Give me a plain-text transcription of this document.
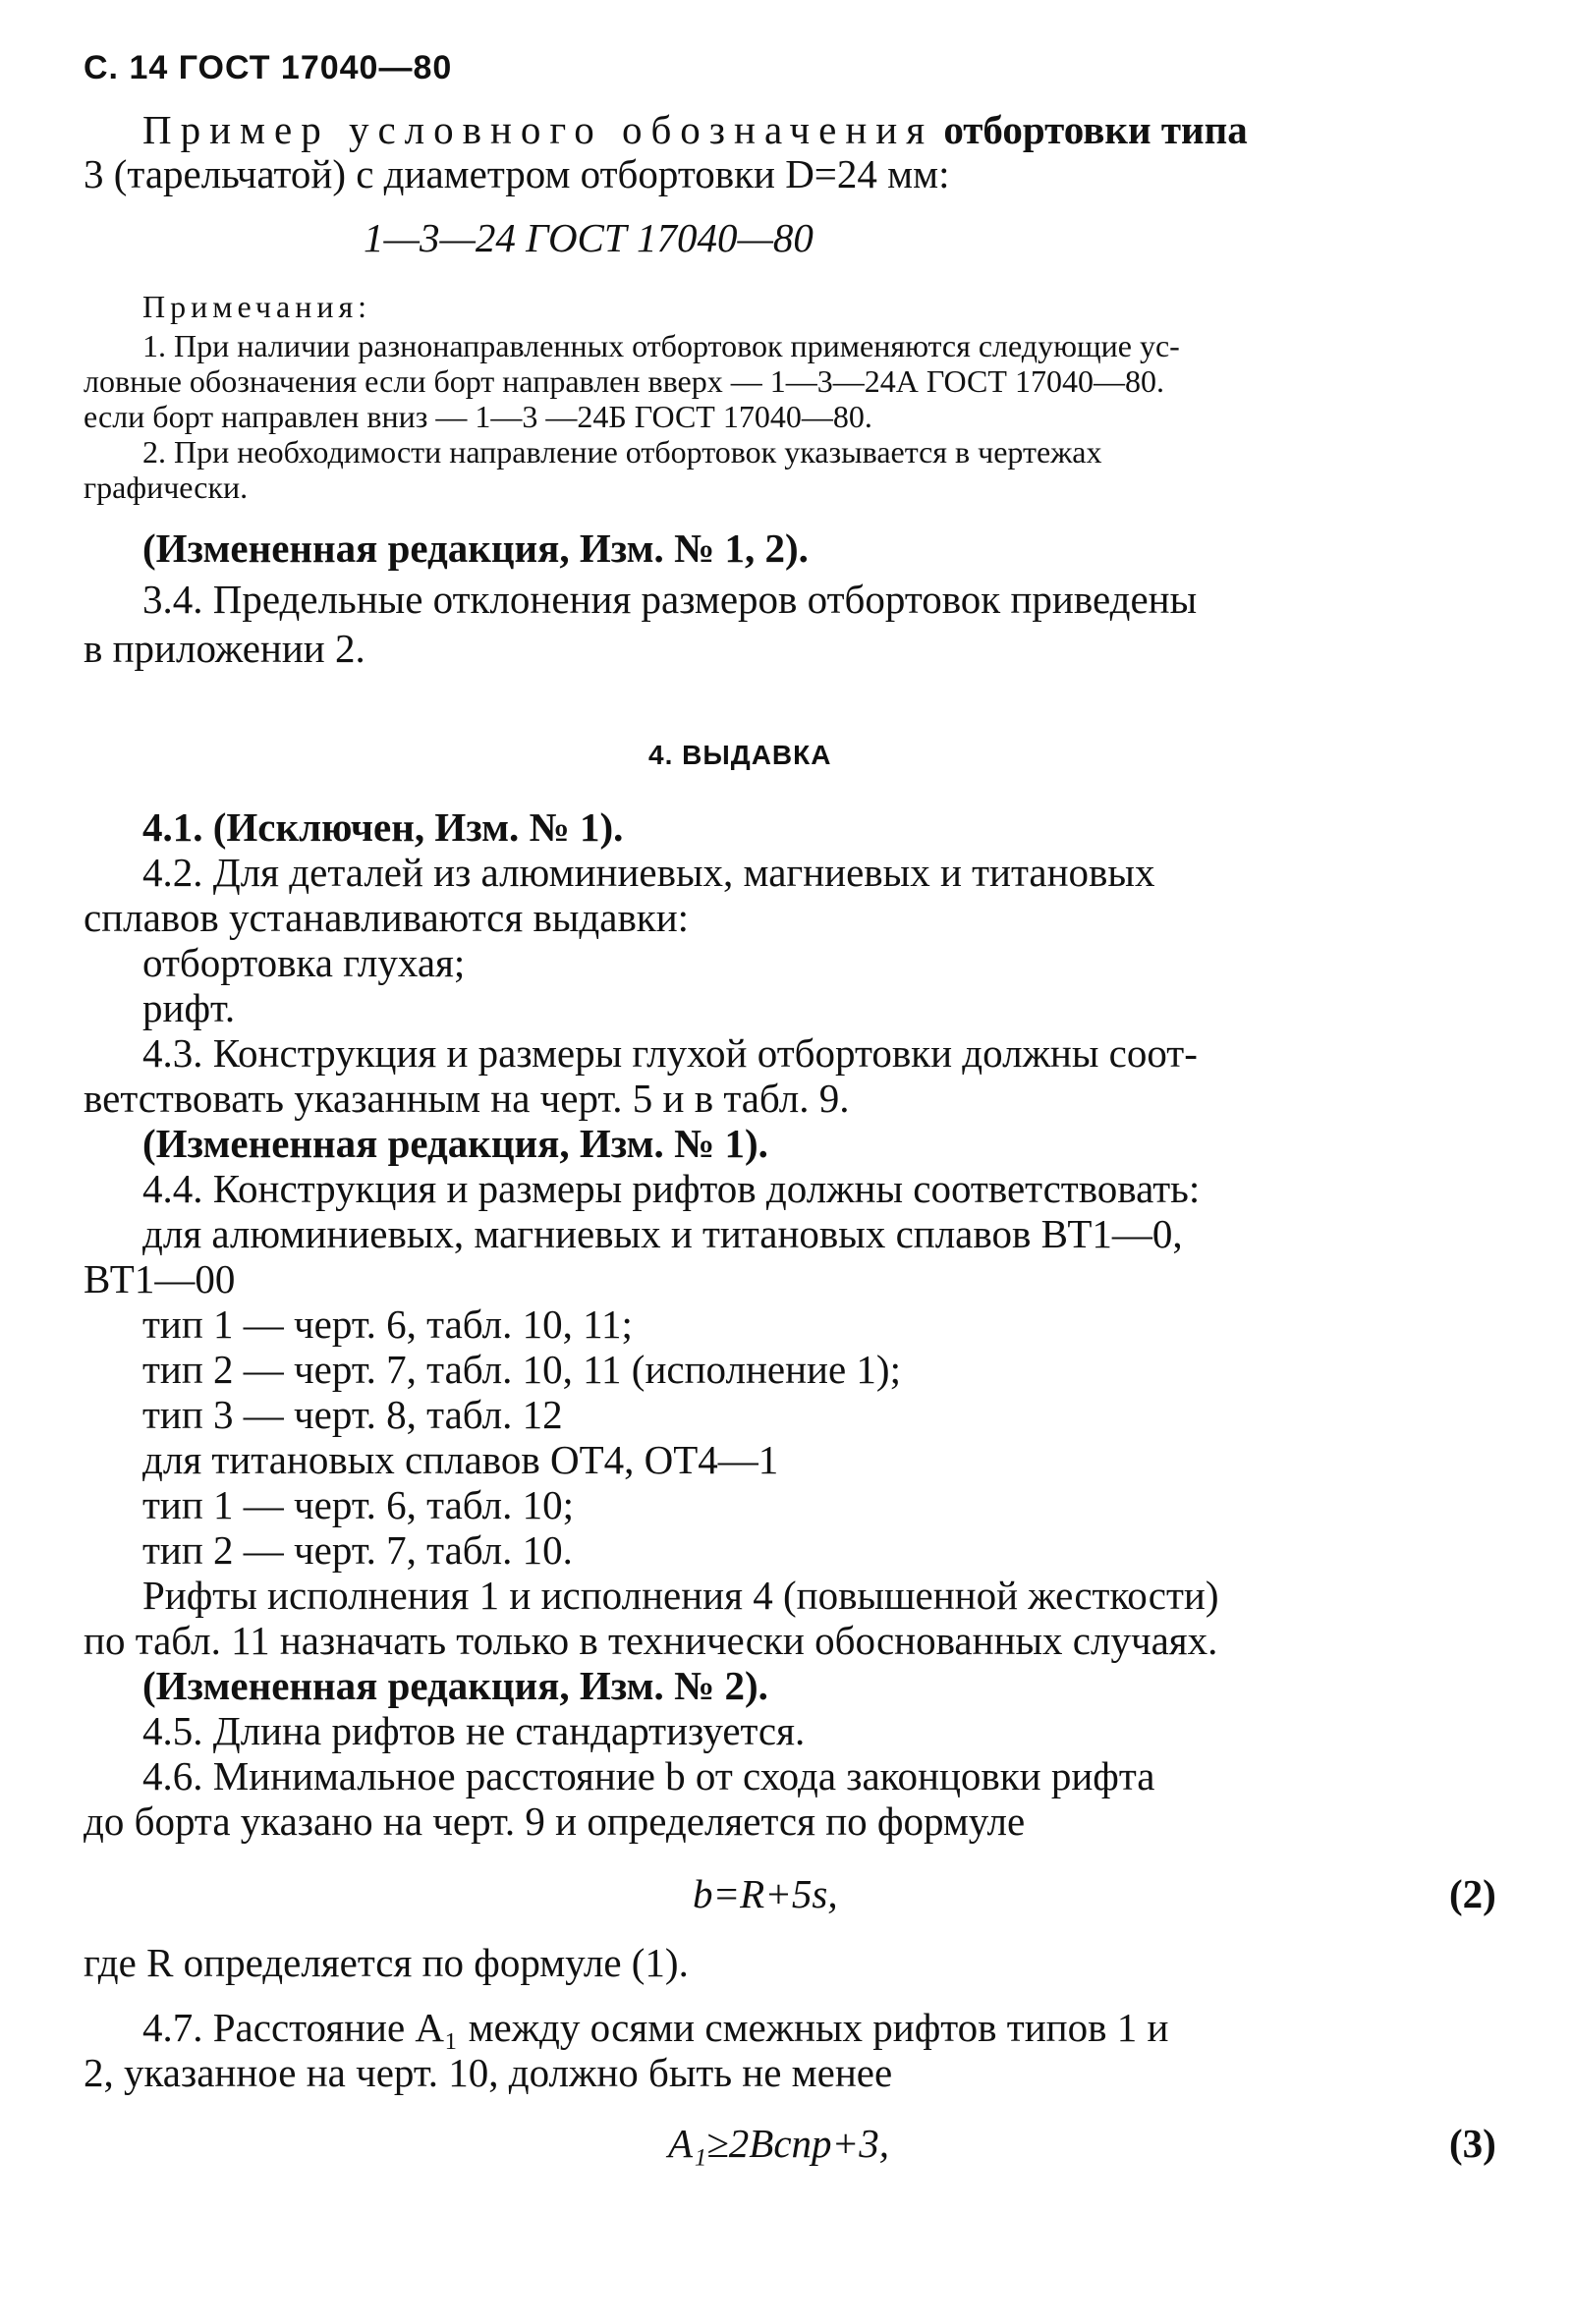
С. 14 ГОСТ 17040—80
Пример условного обозначения отбортовки типа
3 (тарельчатой) с диаметром отбортовки D=24 мм:
1—3—24 ГОСТ 17040—80
Примечания:
1. При наличии разнонаправленных отбортовок применяются следующие ус-
ловные обозначения если борт направлен вверх — 1—3—24А ГОСТ 17040—80.
если борт направлен вниз — 1—3 —24Б ГОСТ 17040—80.
2. При необходимости направление отбортовок указывается в чертежах
графически.
(Измененная редакция, Изм. № 1, 2).
3.4. Предельные отклонения размеров отбортовок приведены
в приложении 2.
4. ВЫДАВКА
4.1. (Исключен, Изм. № 1).
4.2. Для деталей из алюминиевых, магниевых и титановых
сплавов устанавливаются выдавки:
отбортовка глухая;
рифт.
4.3. Конструкция и размеры глухой отбортовки должны соот-
ветствовать указанным на черт. 5 и в табл. 9.
(Измененная редакция, Изм. № 1).
4.4. Конструкция и размеры рифтов должны соответствовать:
для алюминиевых, магниевых и титановых сплавов ВТ1—0,
ВТ1—00
тип 1 — черт. 6, табл. 10, 11;
тип 2 — черт. 7, табл. 10, 11 (исполнение 1);
тип 3 — черт. 8, табл. 12
для титановых сплавов ОТ4, ОТ4—1
тип 1 — черт. 6, табл. 10;
тип 2 — черт. 7, табл. 10.
Рифты исполнения 1 и исполнения 4 (повышенной жесткости)
по табл. 11 назначать только в технически обоснованных случаях.
(Измененная редакция, Изм. № 2).
4.5. Длина рифтов не стандартизуется.
4.6. Минимальное расстояние b от схода законцовки рифта
до борта указано на черт. 9 и определяется по формуле
b=R+5s,	(2)
где R определяется по формуле (1).
4.7. Расстояние A₁ между осями смежных рифтов типов 1 и
2, указанное на черт. 10, должно быть не менее
A₁≥2Bспр+3,	(3)
